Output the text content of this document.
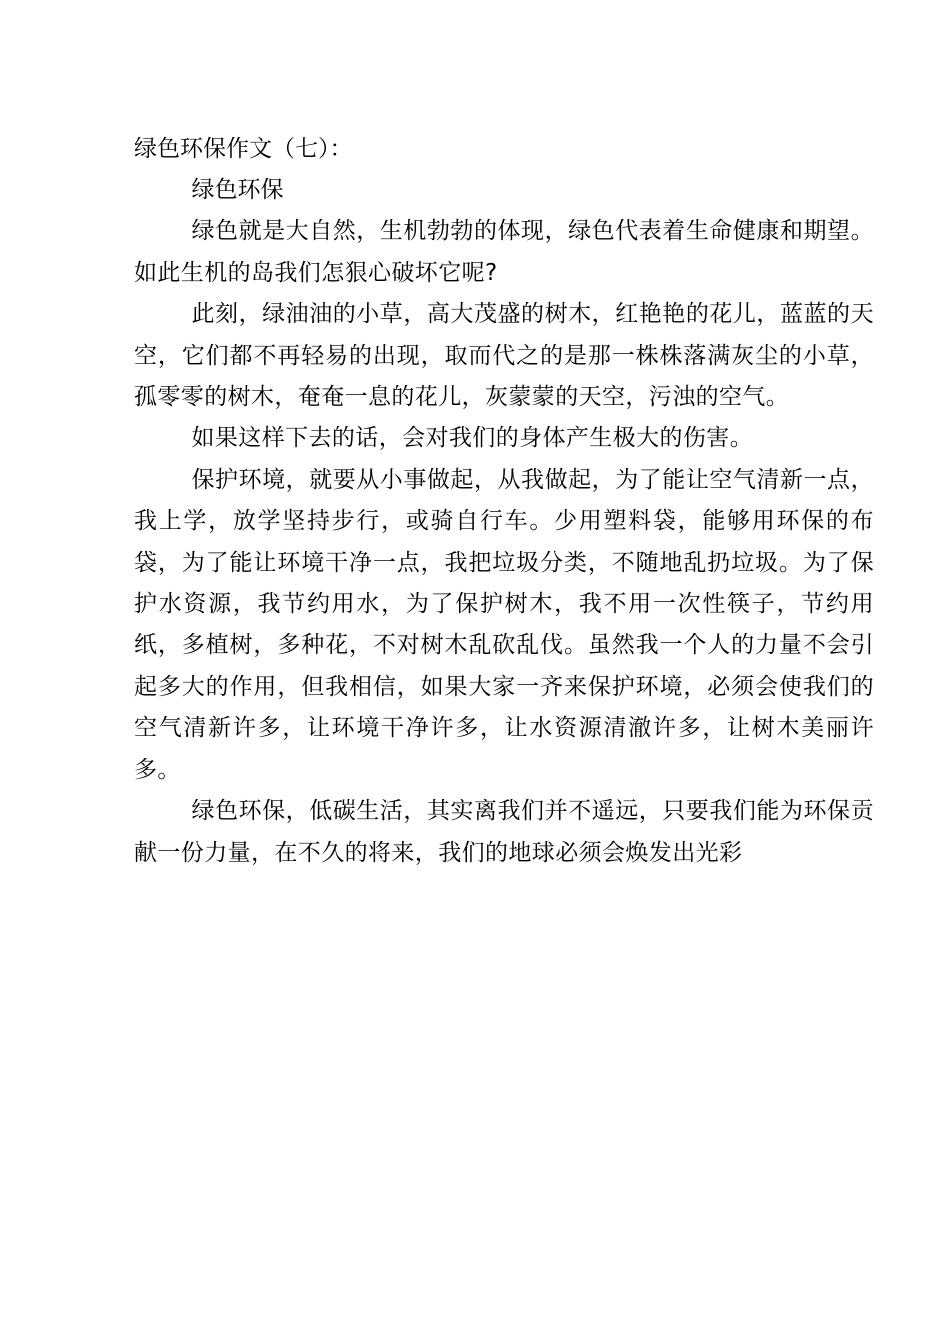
绿色环保作文（七）：

绿色环保

绿色就是大自然，生机勃勃的体现，绿色代表着生命健康和期望。如此生机的岛我们怎狠心破坏它呢?

此刻，绿油油的小草，高大茂盛的树木，红艳艳的花儿，蓝蓝的天空，它们都不再轻易的出现，取而代之的是那一株株落满灰尘的小草，孤零零的树木，奄奄一息的花儿，灰蒙蒙的天空，污浊的空气。

如果这样下去的话，会对我们的身体产生极大的伤害。

保护环境，就要从小事做起，从我做起，为了能让空气清新一点，我上学，放学坚持步行，或骑自行车。少用塑料袋，能够用环保的布袋，为了能让环境干净一点，我把垃圾分类，不随地乱扔垃圾。为了保护水资源，我节约用水，为了保护树木，我不用一次性筷子，节约用纸，多植树，多种花，不对树木乱砍乱伐。虽然我一个人的力量不会引起多大的作用，但我相信，如果大家一齐来保护环境，必须会使我们的空气清新许多，让环境干净许多，让水资源清澈许多，让树木美丽许多。

绿色环保，低碳生活，其实离我们并不遥远，只要我们能为环保贡献一份力量，在不久的将来，我们的地球必须会焕发出光彩
